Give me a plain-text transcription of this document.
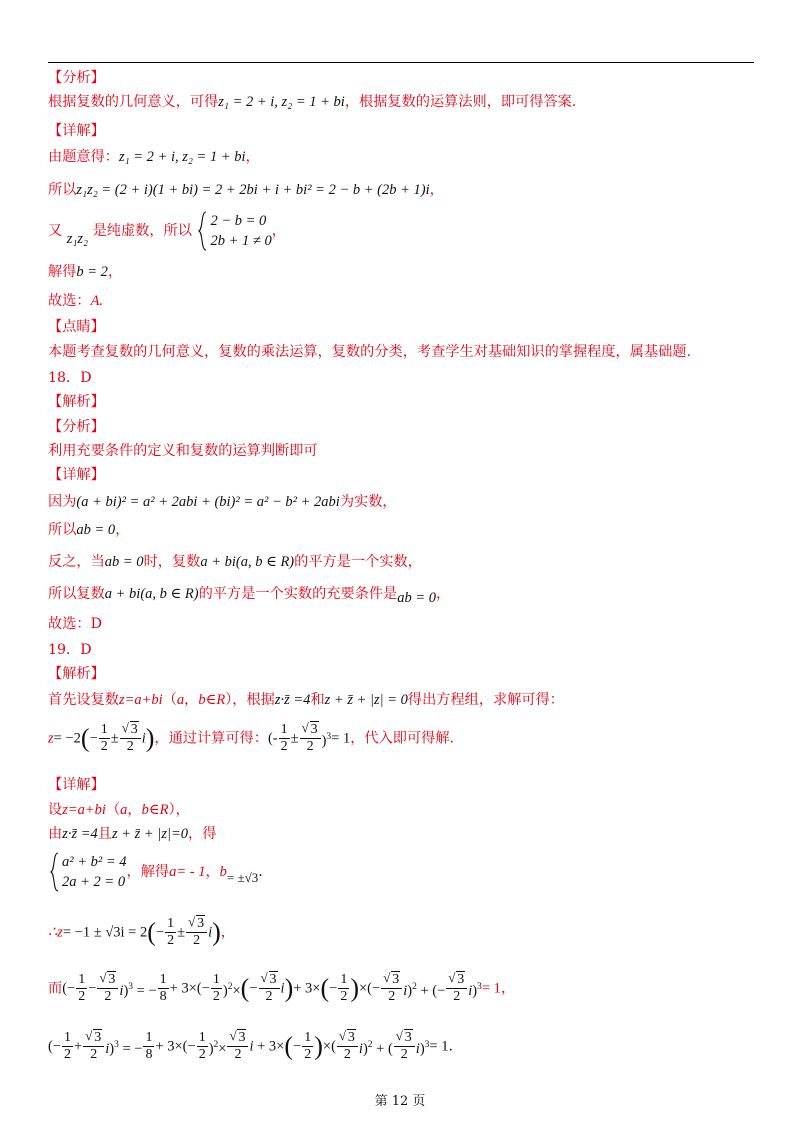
【分析】
根据复数的几何意义，可得z₁ = 2 + i, z₂ = 1 + bi，根据复数的运算法则，即可得答案.
【详解】
由题意得：z₁ = 2 + i, z₂ = 1 + bi，
所以z₁z₂ = (2 + i)(1 + bi) = 2 + 2bi + i + bi² = 2 − b + (2b + 1)i，
又 z₁z₂ 是纯虚数，所以
2 − b = 0
2b + 1 ≠ 0
，
解得b = 2，
故选：A.
【点睛】
本题考查复数的几何意义，复数的乘法运算，复数的分类，考查学生对基础知识的掌握程度，属基础题.
18．D
【解析】
【分析】
利用充要条件的定义和复数的运算判断即可
【详解】
因为(a + bi)² = a² + 2abi + (bi)² = a² − b² + 2abi为实数，
所以ab = 0，
反之，当ab = 0时，复数a + bi(a, b ∈ R)的平方是一个实数，
所以复数a + bi(a, b ∈ R)的平方是一个实数的充要条件是ab = 0，
故选：D
19．D
【解析】
首先设复数z=a+bi（a，b∈R），根据z·z̄ =4和z + z̄ + |z| = 0得出方程组，求解可得：
$z= -2(- \frac{1}{2}$ ± √ $\frac{3}{2} i$)，通过计算可得：(- $\frac{1}{2}$ ± √ $\frac{3}{2} )^3= 1$，代入即可得解.
【详解】
设z=a+bi（a，b∈R），
由z·z̄ =4且z + z̄ + |z|=0，得
a² + b² = 4
2a + 2 = 0
，解得a= - 1，b= ±√3.
∴z= $-1 \pm √3i = 2(- \frac{1}{2}$ ± √ $\frac{3}{2} i$)，
而(− $\frac{1}{2}$ − √ $\frac{3}{2} i)^3$ = − $\frac{1}{8} + 3\times(- \frac{1}{2} )^2\times(-$ √ $\frac{3}{2} i)+ 3\times(- \frac{1}{2}$ )×(− √ $\frac{3}{2} i)^2$ + (− √ $\frac{3}{2} i)^3= 1$，
(− $\frac{1}{2}$ + √ $\frac{3}{2} i)^3$ = − $\frac{1}{8} + 3\times(- \frac{1}{2} )^2\times$ √ $\frac{3}{2}$ $i + 3\times(- \frac{1}{2}$ )×( √ $\frac{3}{2} i)^2$ + ( √ $\frac{3}{2} i)^3= 1$.
第 12 页
